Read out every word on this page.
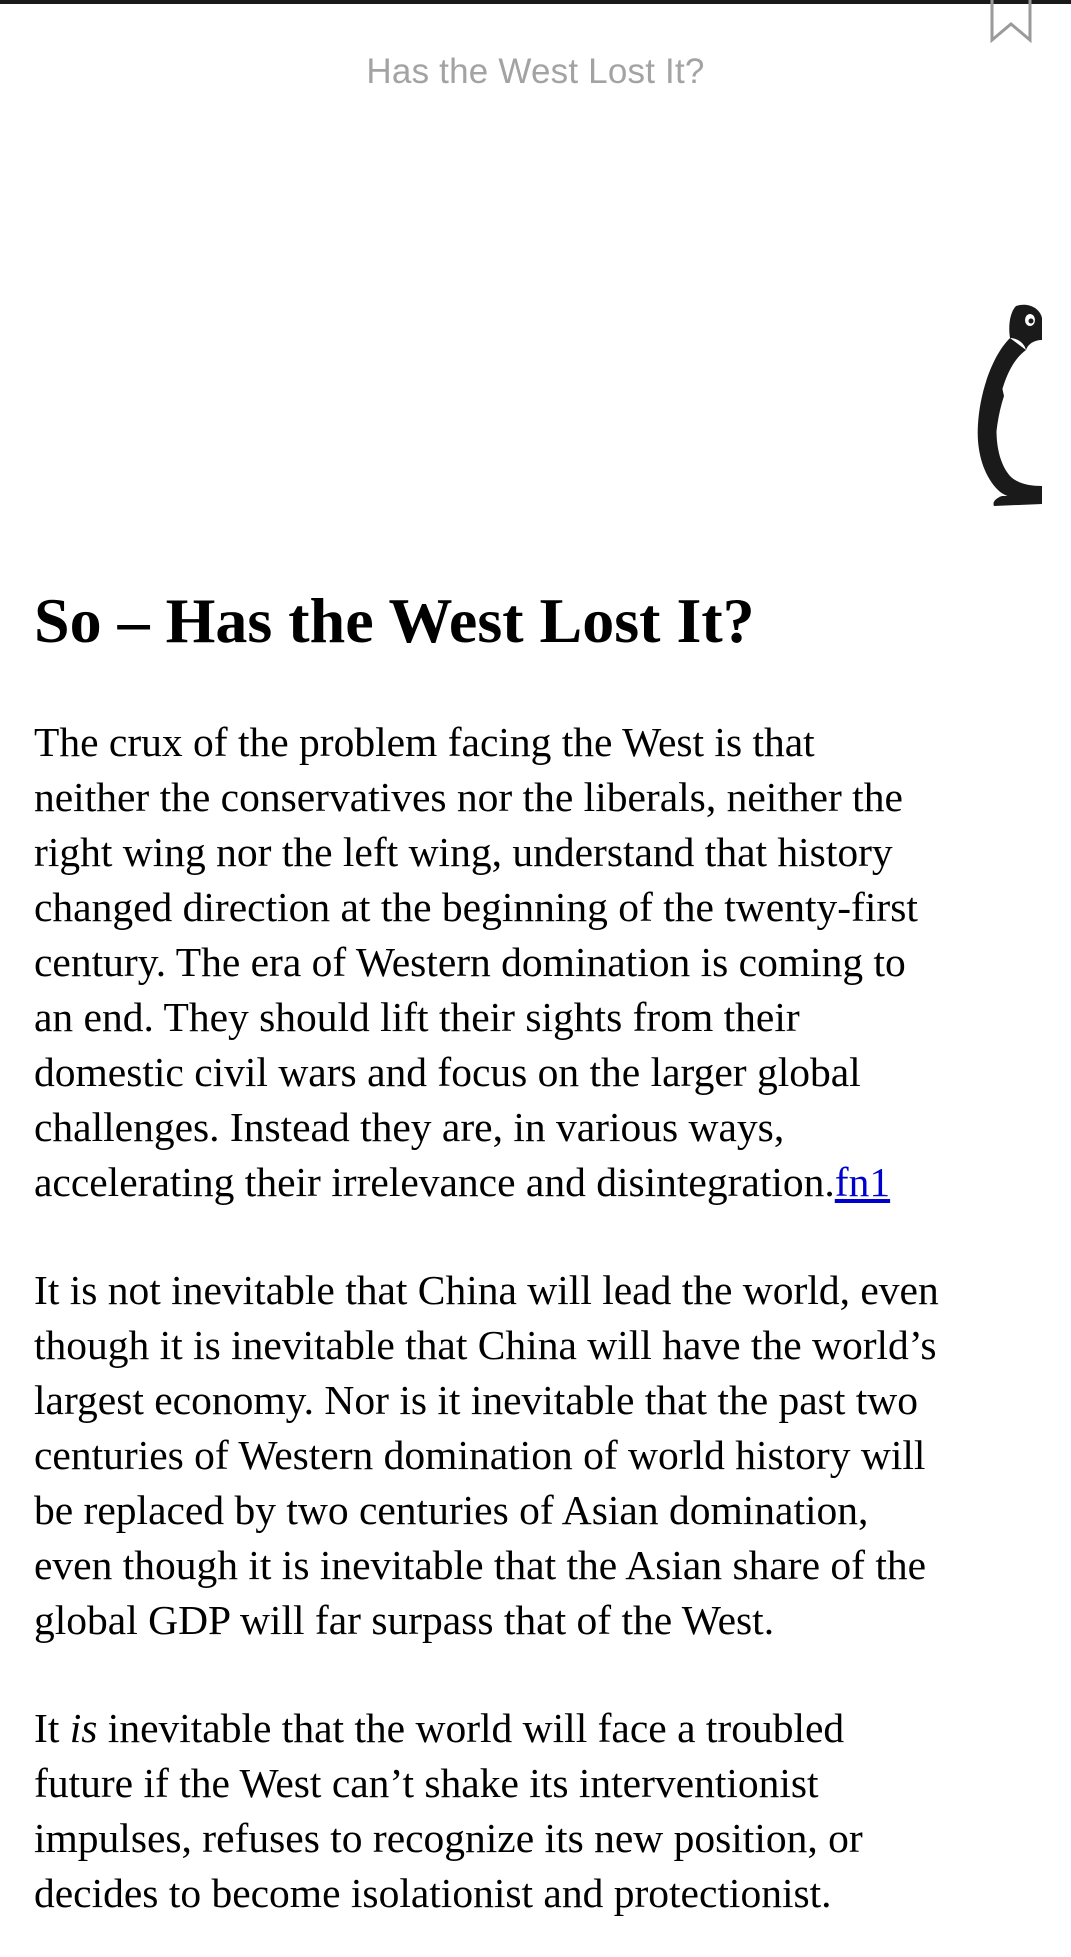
Has the West Lost It?
So – Has the West Lost It?

The crux of the problem facing the West is that
neither the conservatives nor the liberals, neither the
right wing nor the left wing, understand that history
changed direction at the beginning of the twenty-first
century. The era of Western domination is coming to
an end. They should lift their sights from their
domestic civil wars and focus on the larger global
challenges. Instead they are, in various ways,
accelerating their irrelevance and disintegration.fn1

It is not inevitable that China will lead the world, even
though it is inevitable that China will have the world’s
largest economy. Nor is it inevitable that the past two
centuries of Western domination of world history will
be replaced by two centuries of Asian domination,
even though it is inevitable that the Asian share of the
global GDP will far surpass that of the West.

It is inevitable that the world will face a troubled
future if the West can’t shake its interventionist
impulses, refuses to recognize its new position, or
decides to become isolationist and protectionist.
